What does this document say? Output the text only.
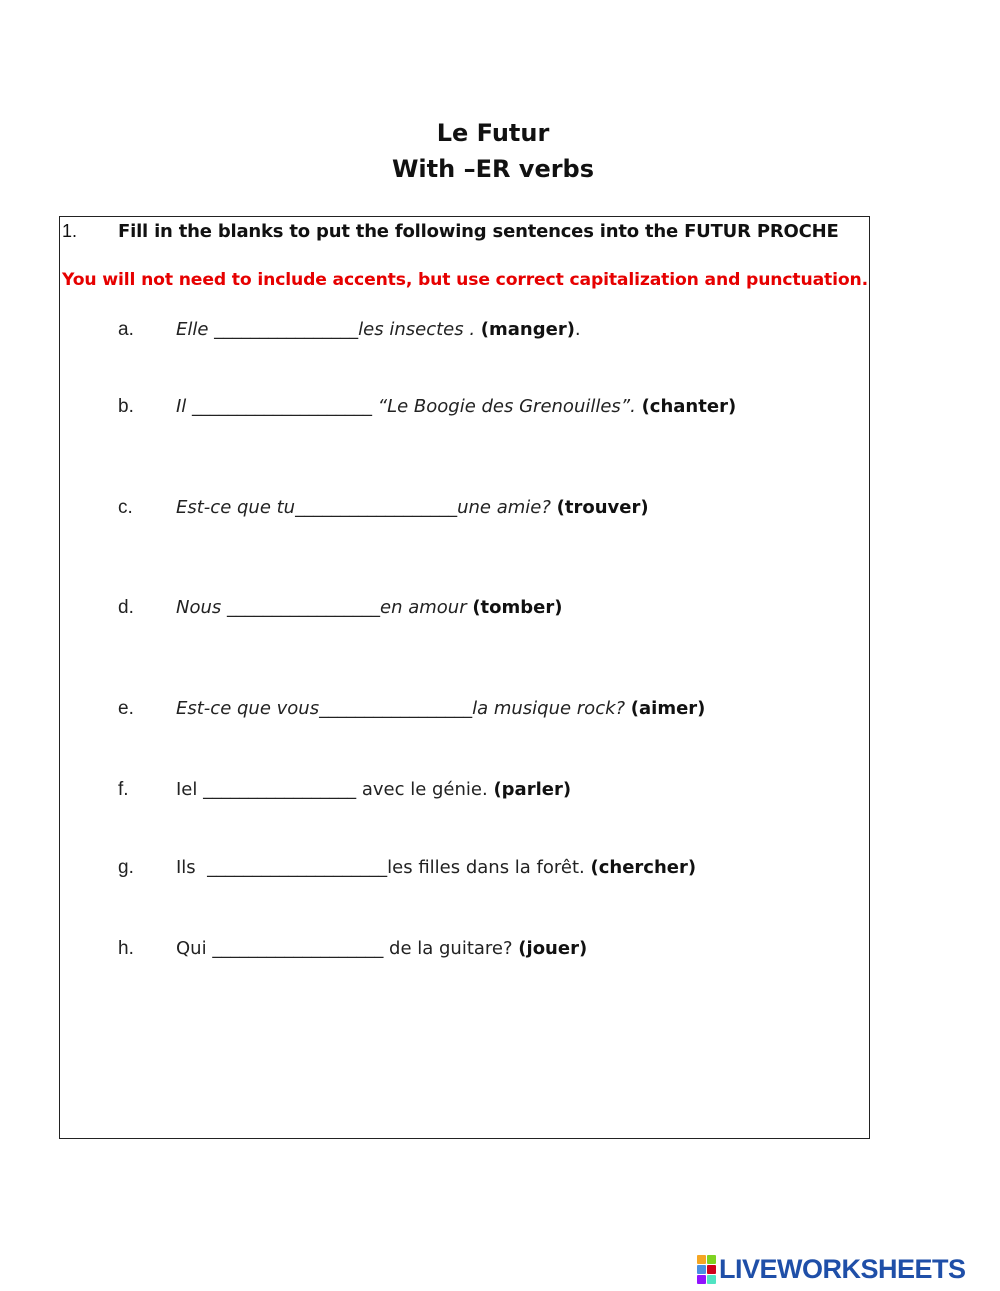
Le Futur
With –ER verbs
1. Fill in the blanks to put the following sentences into the FUTUR PROCHE
You will not need to include accents, but use correct capitalization and punctuation.
a. Elle ________________les insectes . (manger).
b. Il ____________________ “Le Boogie des Grenouilles”. (chanter)
c. Est-ce que tu__________________une amie? (trouver)
d. Nous _________________en amour (tomber)
e. Est-ce que vous_________________la musique rock? (aimer)
f.	Iel _________________ avec le génie. (parler)
g. Ils  ____________________les filles dans la forêt. (chercher)
h. Qui ___________________ de la guitare? (jouer)
LIVEWORKSHEETS
